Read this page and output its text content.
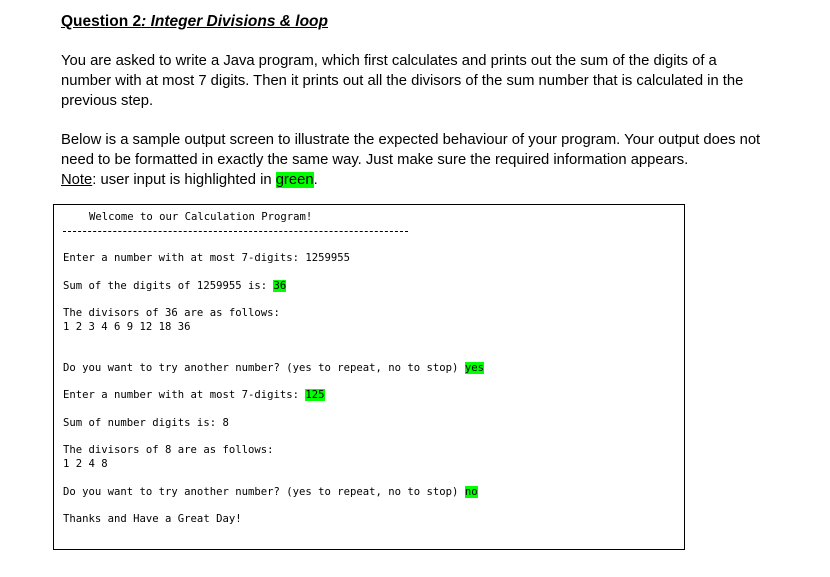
Question 2: Integer Divisions & loop

You are asked to write a Java program, which first calculates and prints out the sum of the digits of a number with at most 7 digits. Then it prints out all the divisors of the sum number that is calculated in the previous step.

Below is a sample output screen to illustrate the expected behaviour of your program. Your output does not need to be formatted in exactly the same way. Just make sure the required information appears.
Note: user input is highlighted in green.

Welcome to our Calculation Program!

Enter a number with at most 7-digits: 1259955

Sum of the digits of 1259955 is: 36

The divisors of 36 are as follows:

1 2 3 4 6 9 12 18 36

Do you want to try another number? (yes to repeat, no to stop) yes

Enter a number with at most 7-digits: 125

Sum of number digits is: 8

The divisors of 8 are as follows:

1 2 4 8

Do you want to try another number? (yes to repeat, no to stop) no

Thanks and Have a Great Day!
